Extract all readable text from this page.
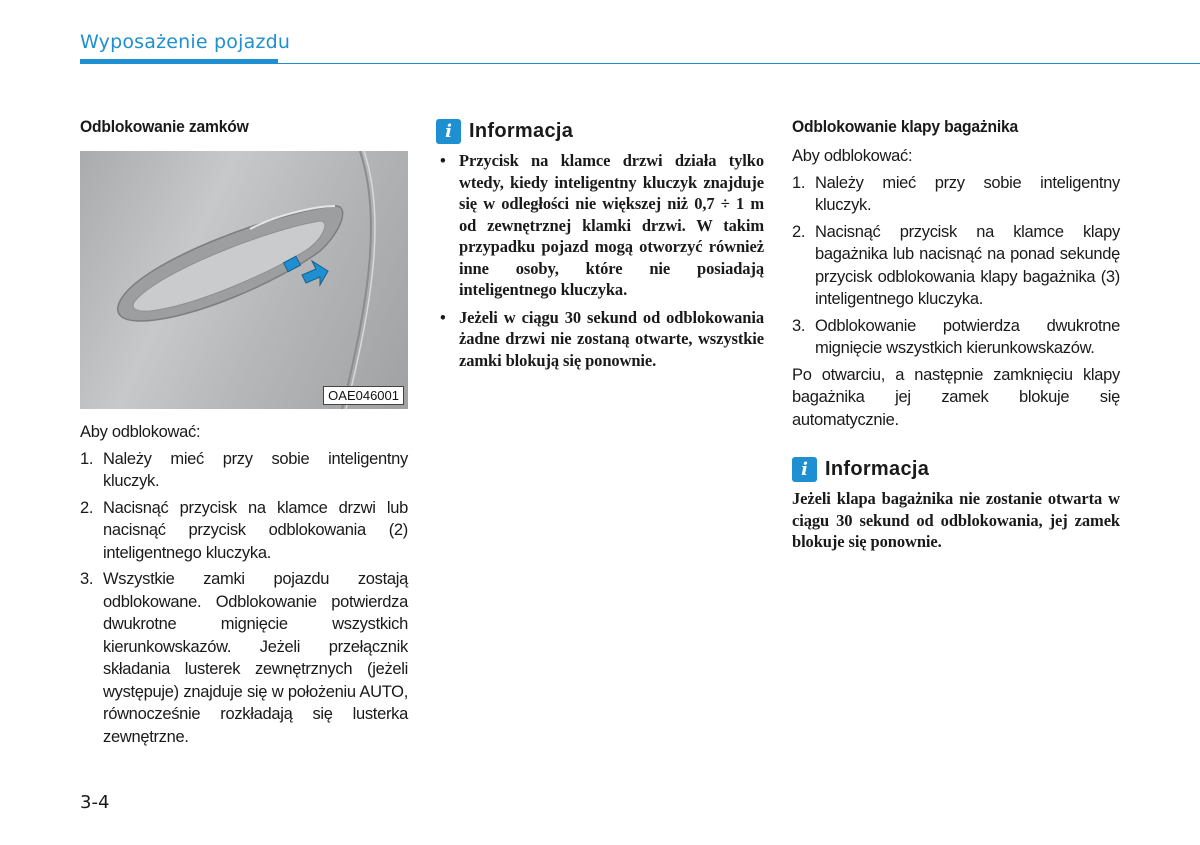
Wyposażenie pojazdu
Odblokowanie zamków
OAE046001

Aby odblokować:

1. Należy mieć przy sobie inteligentny kluczyk.
2. Nacisnąć przycisk na klamce drzwi lub nacisnąć przycisk odblokowania (2) inteligentnego kluczyka.
3. Wszystkie zamki pojazdu zostają odblokowane. Odblokowanie potwierdza dwukrotne mignięcie wszystkich kierunkowskazów. Jeżeli przełącznik składania lusterek zewnętrznych (jeżeli występuje) znajduje się w położeniu AUTO, równocześnie rozkładają się lusterka zewnętrzne.
i Informacja
• Przycisk na klamce drzwi działa tylko wtedy, kiedy inteligentny kluczyk znajduje się w odległości nie większej niż 0,7 ÷ 1 m od zewnętrznej klamki drzwi. W takim przypadku pojazd mogą otworzyć również inne osoby, które nie posiadają inteligentnego kluczyka.
• Jeżeli w ciągu 30 sekund od odblokowania żadne drzwi nie zostaną otwarte, wszystkie zamki blokują się ponownie.
Odblokowanie klapy bagażnika

Aby odblokować:

1. Należy mieć przy sobie inteligentny kluczyk.
2. Nacisnąć przycisk na klamce klapy bagażnika lub nacisnąć na ponad sekundę przycisk odblokowania klapy bagażnika (3) inteligentnego kluczyka.
3. Odblokowanie potwierdza dwukrotne mignięcie wszystkich kierunkowskazów.

Po otwarciu, a następnie zamknięciu klapy bagażnika jej zamek blokuje się automatycznie.

i Informacja

Jeżeli klapa bagażnika nie zostanie otwarta w ciągu 30 sekund od odblokowania, jej zamek blokuje się ponownie.

3-4
